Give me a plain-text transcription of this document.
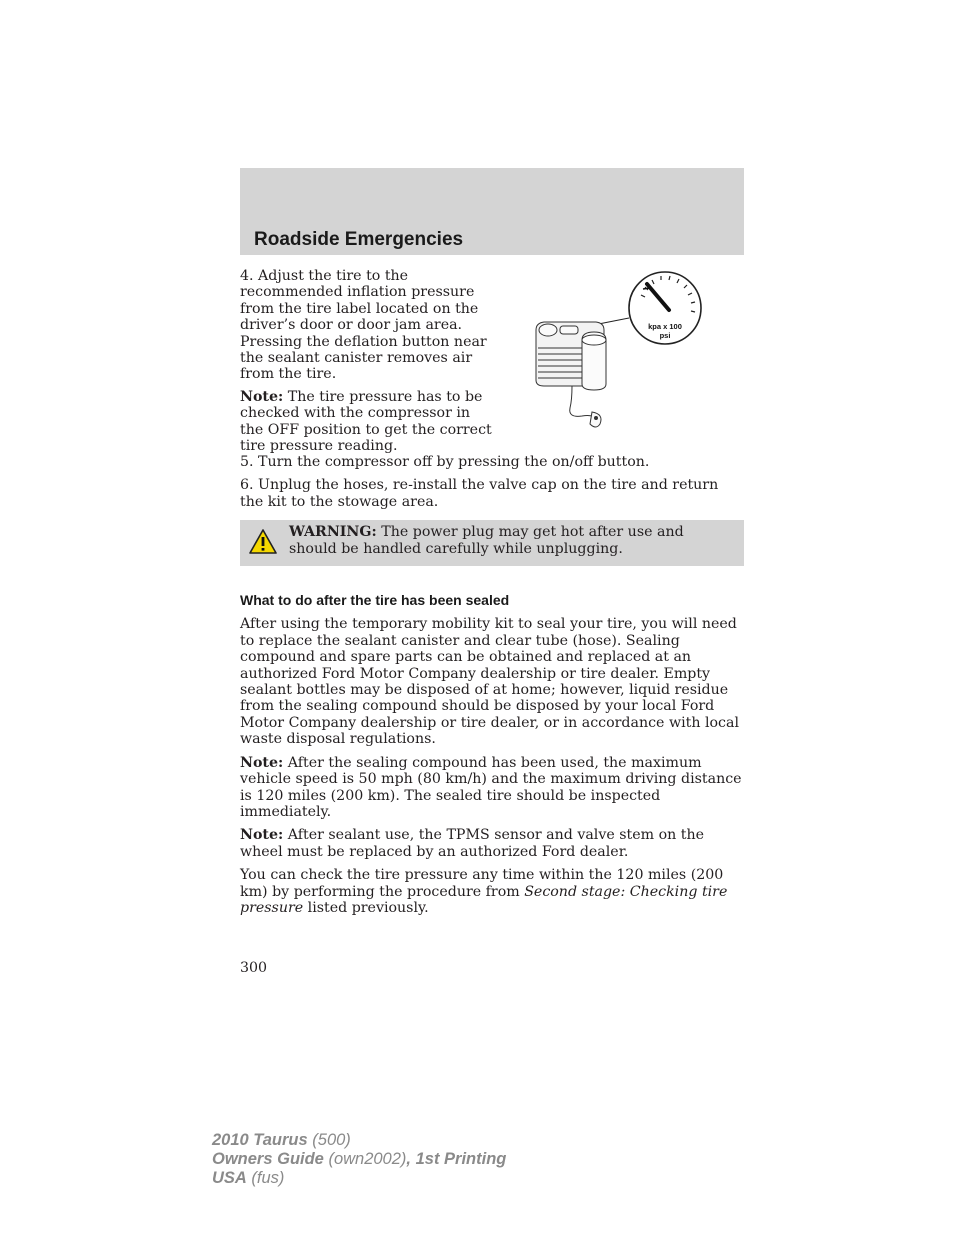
Roadside Emergencies

4. Adjust the tire to the recommended inflation pressure from the tire label located on the driver’s door or door jam area. Pressing the deflation button near the sealant canister removes air from the tire.

Note: The tire pressure has to be checked with the compressor in the OFF position to get the correct tire pressure reading.

kpa x 100
psi

5. Turn the compressor off by pressing the on/off button.

6. Unplug the hoses, re-install the valve cap on the tire and return the kit to the stowage area.

WARNING: The power plug may get hot after use and should be handled carefully while unplugging.

What to do after the tire has been sealed

After using the temporary mobility kit to seal your tire, you will need to replace the sealant canister and clear tube (hose). Sealing compound and spare parts can be obtained and replaced at an authorized Ford Motor Company dealership or tire dealer. Empty sealant bottles may be disposed of at home; however, liquid residue from the sealing compound should be disposed by your local Ford Motor Company dealership or tire dealer, or in accordance with local waste disposal regulations.

Note: After the sealing compound has been used, the maximum vehicle speed is 50 mph (80 km/h) and the maximum driving distance is 120 miles (200 km). The sealed tire should be inspected immediately.

Note: After sealant use, the TPMS sensor and valve stem on the wheel must be replaced by an authorized Ford dealer.

You can check the tire pressure any time within the 120 miles (200 km) by performing the procedure from Second stage: Checking tire pressure listed previously.

300
2010 Taurus (500)
Owners Guide (own2002), 1st Printing
USA (fus)
